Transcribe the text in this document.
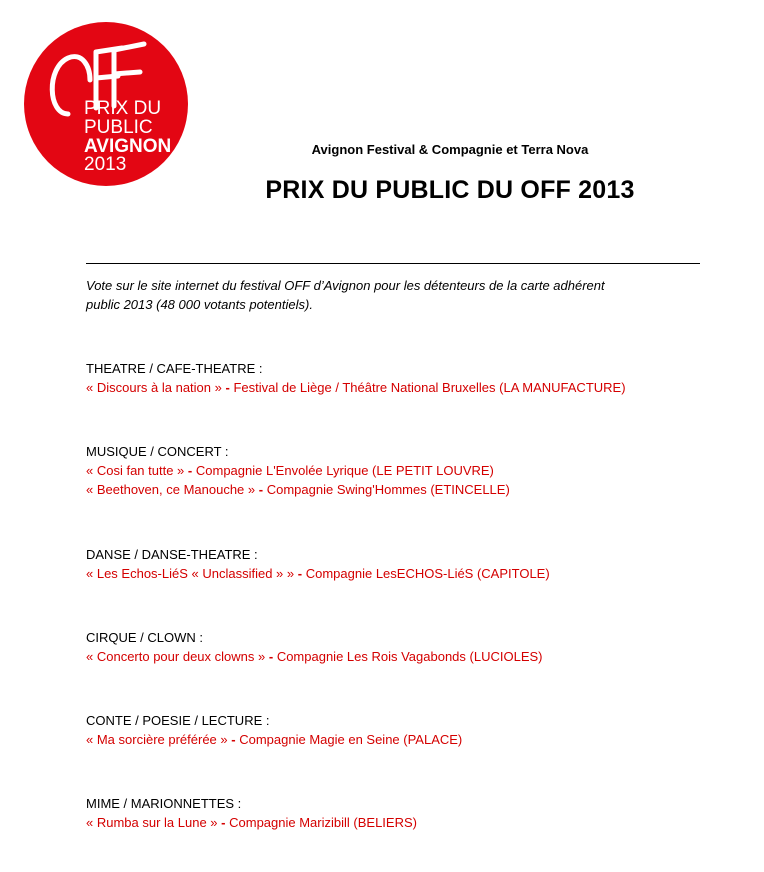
OFF
PRIX DU
PUBLIC
AVIGNON
2013
Avignon Festival & Compagnie et Terra Nova
PRIX DU PUBLIC DU OFF 2013
Vote sur le site internet du festival OFF d’Avignon pour les détenteurs de la carte adhérent
public 2013 (48 000 votants potentiels).
THEATRE / CAFE-THEATRE :
« Discours à la nation » - Festival de Liège / Théâtre National Bruxelles (LA MANUFACTURE)
MUSIQUE / CONCERT :
« Cosi fan tutte » - Compagnie L'Envolée Lyrique (LE PETIT LOUVRE)
« Beethoven, ce Manouche » - Compagnie Swing'Hommes (ETINCELLE)
DANSE / DANSE-THEATRE :
« Les Echos-LiéS « Unclassified » » - Compagnie LesECHOS-LiéS (CAPITOLE)
CIRQUE / CLOWN :
« Concerto pour deux clowns » - Compagnie Les Rois Vagabonds (LUCIOLES)
CONTE / POESIE / LECTURE :
« Ma sorcière préférée » - Compagnie Magie en Seine (PALACE)
MIME / MARIONNETTES :
« Rumba sur la Lune » - Compagnie Marizibill (BELIERS)
